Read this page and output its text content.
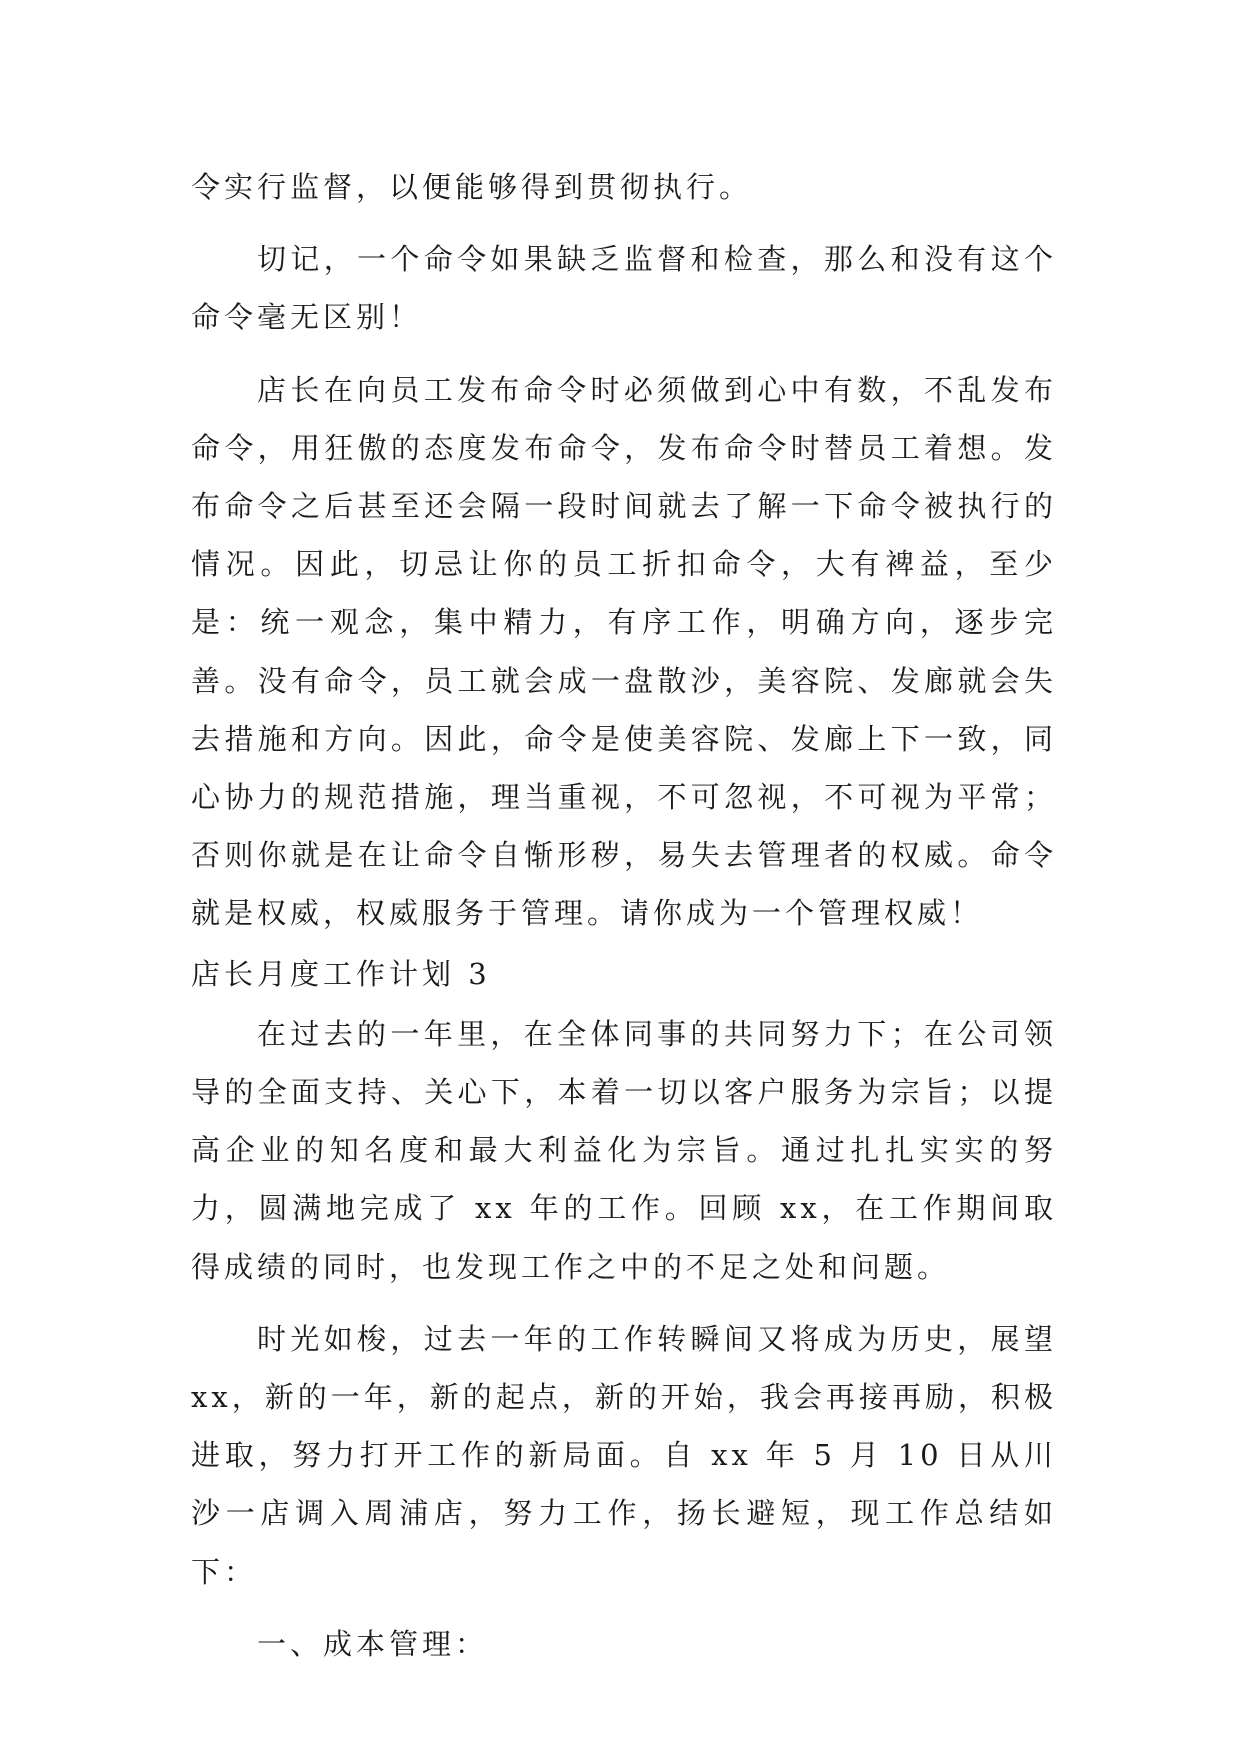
令实行监督，以便能够得到贯彻执行。

切记，一个命令如果缺乏监督和检查，那么和没有这个命令毫无区别！

店长在向员工发布命令时必须做到心中有数，不乱发布命令，用狂傲的态度发布命令，发布命令时替员工着想。发布命令之后甚至还会隔一段时间就去了解一下命令被执行的情况。因此，切忌让你的员工折扣命令，大有裨益，至少是：统一观念，集中精力，有序工作，明确方向，逐步完善。没有命令，员工就会成一盘散沙，美容院、发廊就会失去措施和方向。因此，命令是使美容院、发廊上下一致，同心协力的规范措施，理当重视，不可忽视，不可视为平常；否则你就是在让命令自惭形秽，易失去管理者的权威。命令就是权威，权威服务于管理。请你成为一个管理权威！

店长月度工作计划 3

在过去的一年里，在全体同事的共同努力下；在公司领导的全面支持、关心下，本着一切以客户服务为宗旨；以提高企业的知名度和最大利益化为宗旨。通过扎扎实实的努力，圆满地完成了 xx 年的工作。回顾 xx，在工作期间取得成绩的同时，也发现工作之中的不足之处和问题。

时光如梭，过去一年的工作转瞬间又将成为历史，展望 xx，新的一年，新的起点，新的开始，我会再接再励，积极进取，努力打开工作的新局面。自 xx 年 5 月 10 日从川沙一店调入周浦店，努力工作，扬长避短，现工作总结如下：

一、成本管理：
